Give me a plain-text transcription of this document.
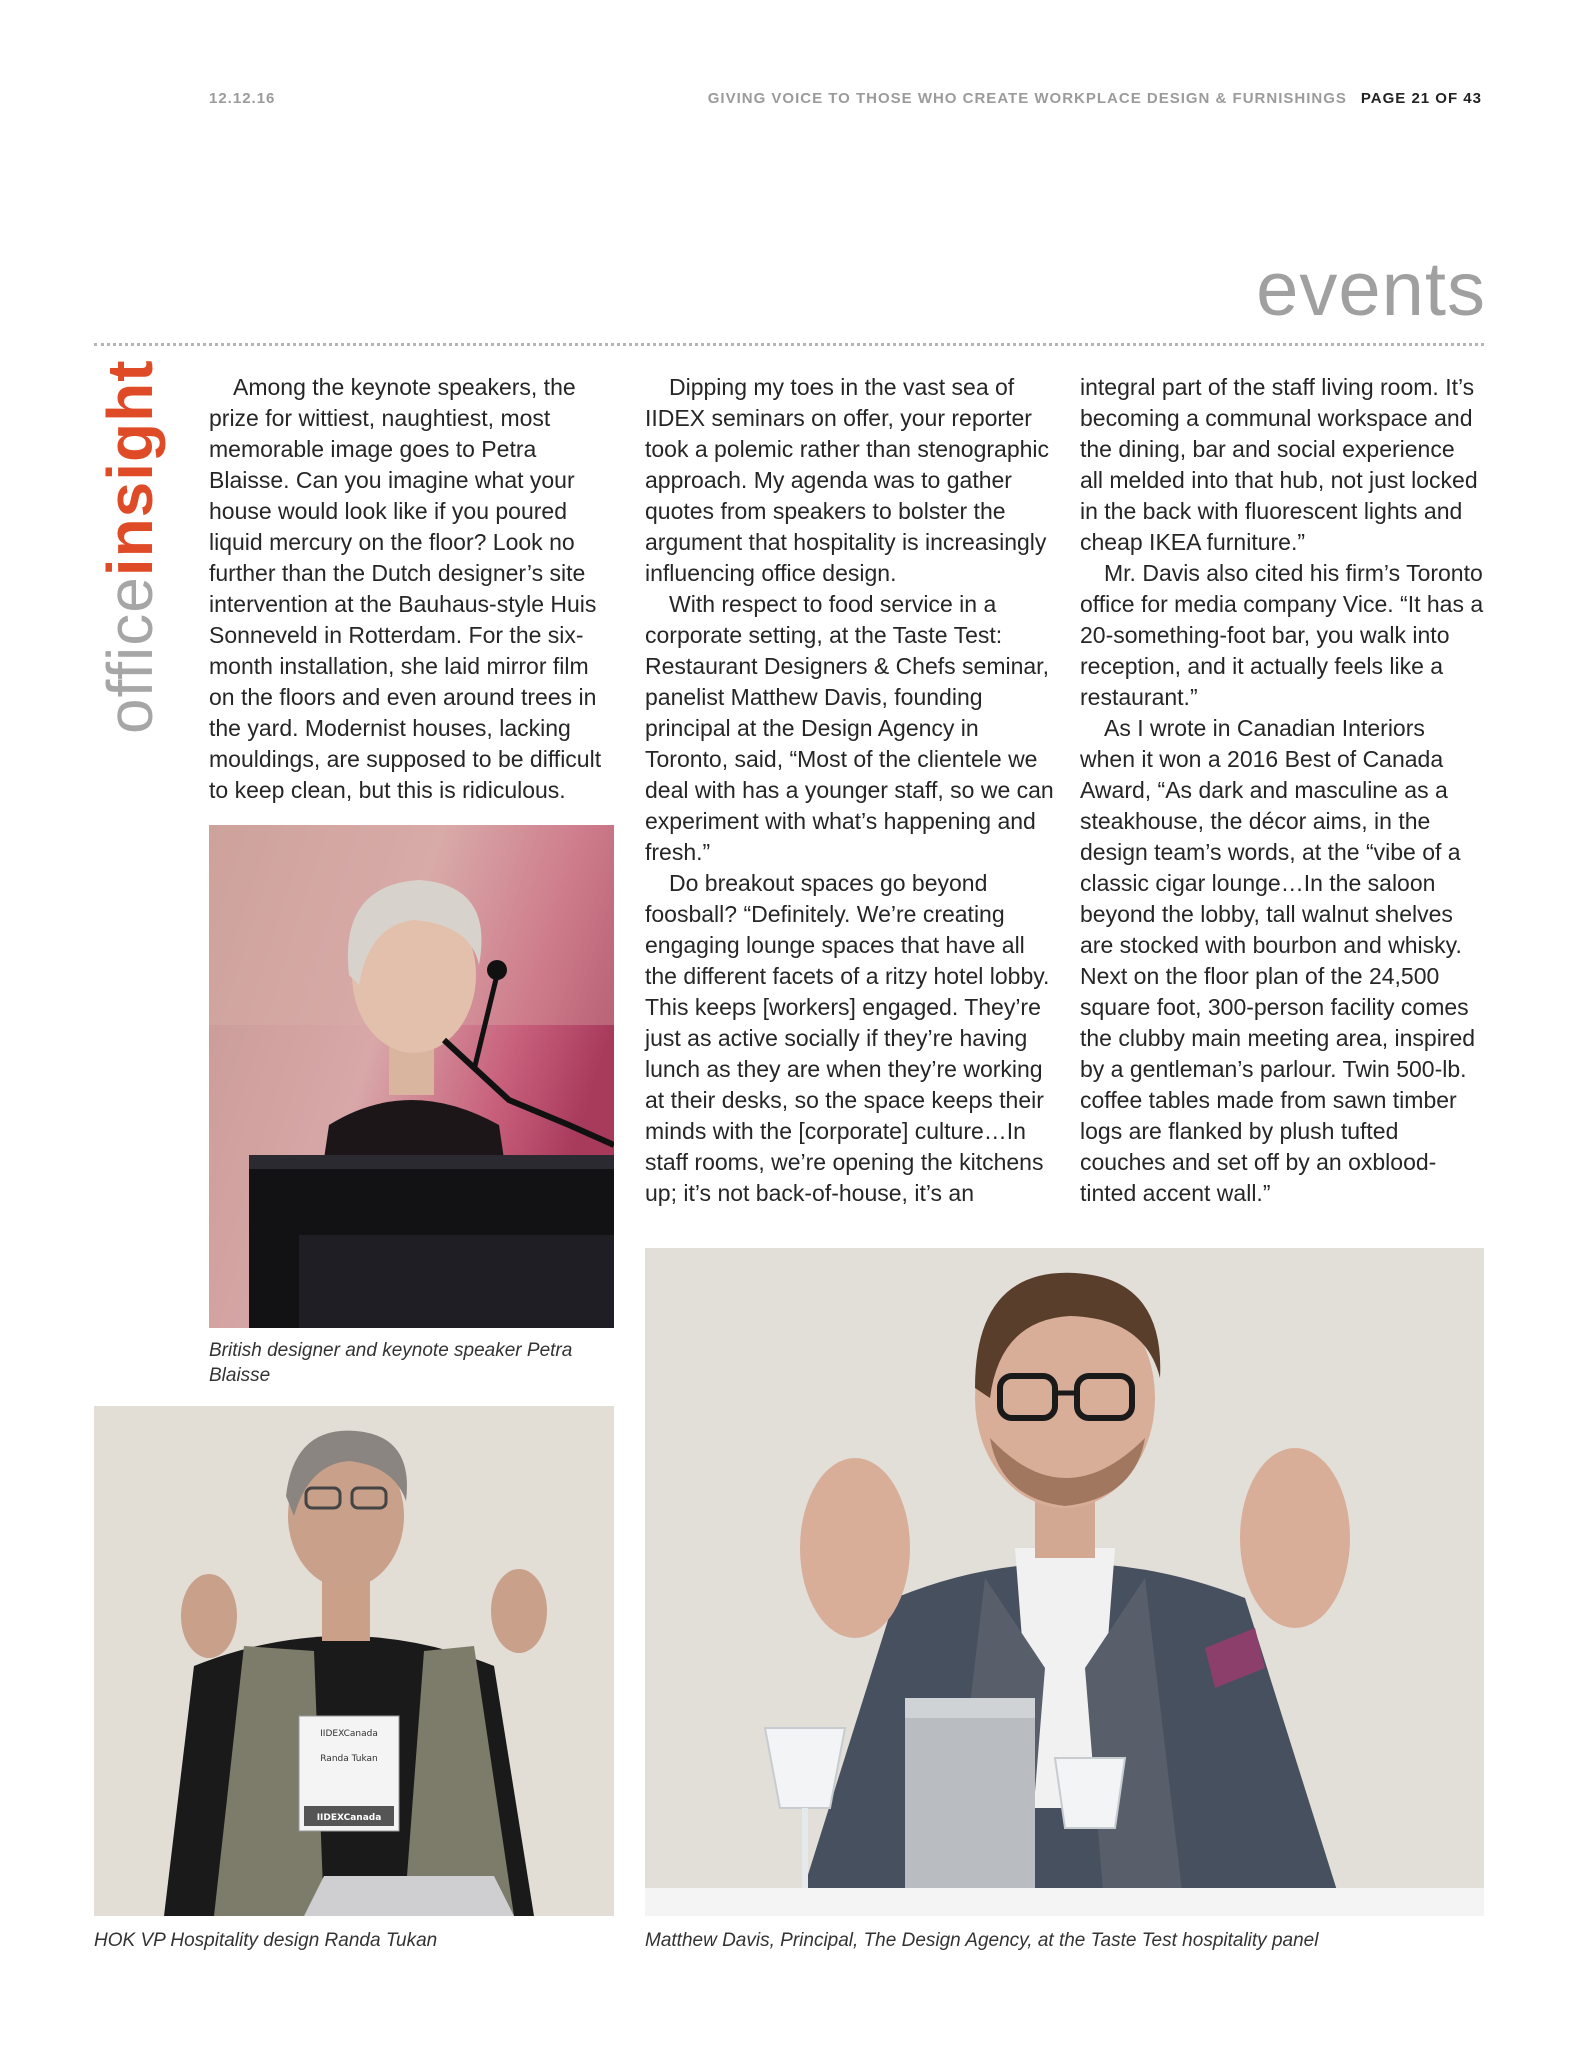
12.12.16	GIVING VOICE TO THOSE WHO CREATE WORKPLACE DESIGN & FURNISHINGS PAGE 21 OF 43
events
officeinsight	Among the keynote speakers, the prize for wittiest, naughtiest, most memorable image goes to Petra Blaisse. Can you imagine what your house would look like if you poured liquid mercury on the floor? Look no further than the Dutch designer’s site intervention at the Bauhaus-style Huis Sonneveld in Rotterdam. For the six-month installation, she laid mirror film on the floors and even around trees in the yard. Modernist houses, lacking mouldings, are supposed to be difficult to keep clean, but this is ridiculous.

Dipping my toes in the vast sea of IIDEX seminars on offer, your reporter took a polemic rather than stenographic approach. My agenda was to gather quotes from speakers to bolster the argument that hospitality is increasingly influencing office design.

With respect to food service in a corporate setting, at the Taste Test: Restaurant Designers & Chefs seminar, panelist Matthew Davis, founding principal at the Design Agency in Toronto, said, “Most of the clientele we deal with has a younger staff, so we can experiment with what’s happening and fresh.”

Do breakout spaces go beyond foosball? “Definitely. We’re creating engaging lounge spaces that have all the different facets of a ritzy hotel lobby. This keeps [workers] engaged. They’re just as active socially if they’re having lunch as they are when they’re working at their desks, so the space keeps their minds with the [corporate] culture…In staff rooms, we’re opening the kitchens up; it’s not back-of-house, it’s an

integral part of the staff living room. It’s becoming a communal workspace and the dining, bar and social experience all melded into that hub, not just locked in the back with fluorescent lights and cheap IKEA furniture.”

Mr. Davis also cited his firm’s Toronto office for media company Vice. “It has a 20-something-foot bar, you walk into reception, and it actually feels like a restaurant.”

As I wrote in Canadian Interiors when it won a 2016 Best of Canada Award, “As dark and masculine as a steakhouse, the décor aims, in the design team’s words, at the “vibe of a classic cigar lounge…In the saloon beyond the lobby, tall walnut shelves are stocked with bourbon and whisky. Next on the floor plan of the 24,500 square foot, 300-person facility comes the clubby main meeting area, inspired by a gentleman’s parlour. Twin 500-lb. coffee tables made from sawn timber logs are flanked by plush tufted couches and set off by an oxblood-tinted accent wall.”

British designer and keynote speaker Petra Blaisse
IIDEXCanada
Randa Tukan
IIDEXCanada
HOK VP Hospitality design Randa Tukan	Matthew Davis, Principal, The Design Agency, at the Taste Test hospitality panel
